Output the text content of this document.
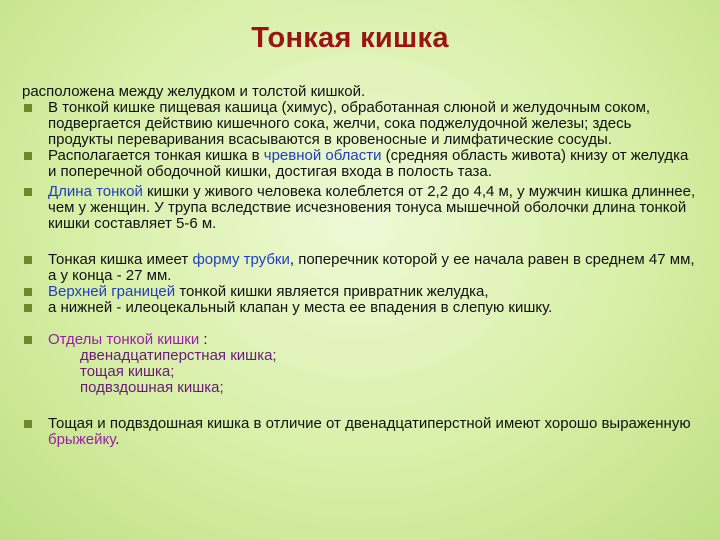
Тонкая кишка
расположена между желудком и толстой кишкой.
В тонкой кишке пищевая кашица (химус), обработанная слюной и желудочным соком, подвергается действию кишечного сока, желчи, сока поджелудочной железы; здесь продукты переваривания всасываются в кровеносные и лимфатические сосуды.
Располагается тонкая кишка в чревной области (средняя область живота) книзу от желудка и поперечной ободочной кишки, достигая входа в полость таза.
Длина тонкой кишки у живого человека колеблется от 2,2 до 4,4 м, у мужчин кишка длиннее, чем у женщин. У трупа вследствие исчезновения тонуса мышечной оболочки длина тонкой кишки составляет 5-6 м.
Тонкая кишка имеет форму трубки, поперечник которой у ее начала равен в среднем 47 мм, а у конца - 27 мм.
Верхней границей тонкой кишки является привратник желудка,
а нижней - илеоцекальный клапан у места ее впадения в слепую кишку.
Отделы тонкой кишки :
двенадцатиперстная кишка;
тощая кишка;
подвздошная кишка;
Тощая и подвздошная кишка в отличие от двенадцатиперстной имеют хорошо выраженную брыжейку.
